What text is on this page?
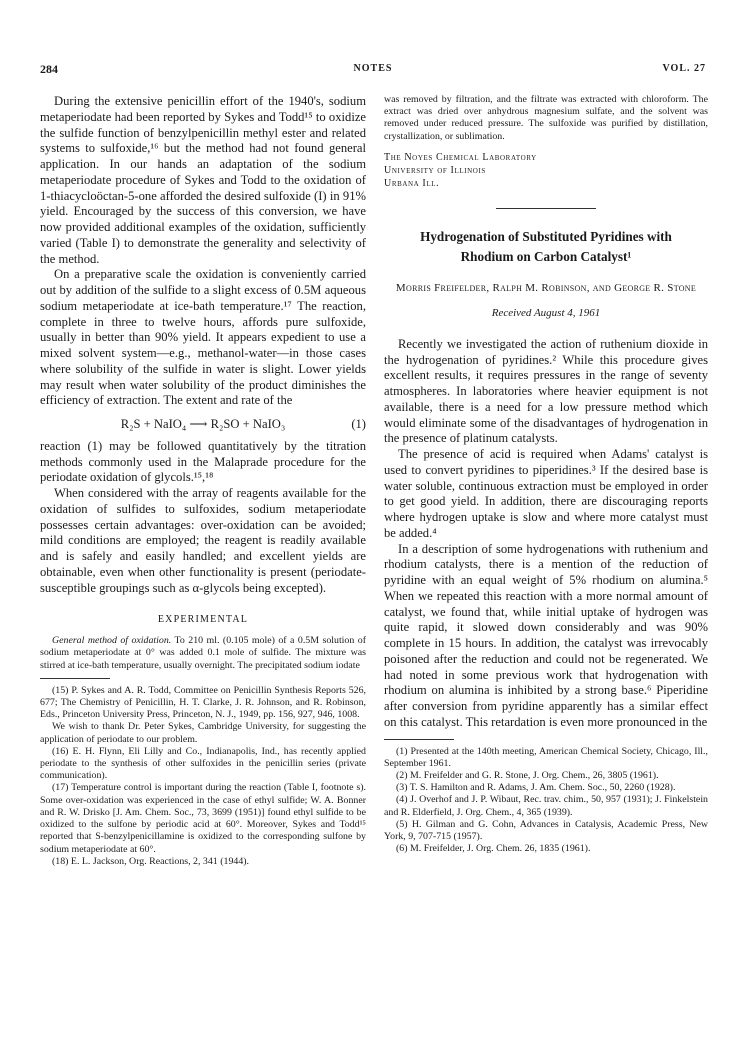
284	NOTES	VOL. 27

During the extensive penicillin effort of the 1940's, sodium metaperiodate had been reported by Sykes and Todd¹⁵ to oxidize the sulfide function of benzylpenicillin methyl ester and related systems to sulfoxide,¹⁶ but the method had not found general application. In our hands an adaptation of the sodium metaperiodate procedure of Sykes and Todd to the oxidation of 1-thiacycloöctan-5-one afforded the desired sulfoxide (I) in 91% yield. Encouraged by the success of this conversion, we have now provided additional examples of the oxidation, sufficiently varied (Table I) to demonstrate the generality and selectivity of the method.

On a preparative scale the oxidation is conveniently carried out by addition of the sulfide to a slight excess of 0.5M aqueous sodium metaperiodate at ice-bath temperature.¹⁷ The reaction, complete in three to twelve hours, affords pure sulfoxide, usually in better than 90% yield. It appears expedient to use a mixed solvent system—e.g., methanol-water—in those cases where solubility of the sulfide in water is slight. Lower yields may result when water solubility of the product diminishes the efficiency of extraction. The extent and rate of the

R₂S + NaIO₄ ⟶ R₂SO + NaIO₃	(1)

reaction (1) may be followed quantitatively by the titration methods commonly used in the Malaprade procedure for the periodate oxidation of glycols.¹⁵,¹⁸

When considered with the array of reagents available for the oxidation of sulfides to sulfoxides, sodium metaperiodate possesses certain advantages: over-oxidation can be avoided; mild conditions are employed; the reagent is readily available and is safely and easily handled; and excellent yields are obtainable, even when other functionality is present (periodate-susceptible groupings such as α-glycols being excepted).

EXPERIMENTAL

General method of oxidation. To 210 ml. (0.105 mole) of a 0.5M solution of sodium metaperiodate at 0° was added 0.1 mole of sulfide. The mixture was stirred at ice-bath temperature, usually overnight. The precipitated sodium iodate

(15) P. Sykes and A. R. Todd, Committee on Penicillin Synthesis Reports 526, 677; The Chemistry of Penicillin, H. T. Clarke, J. R. Johnson, and R. Robinson, Eds., Princeton University Press, Princeton, N. J., 1949, pp. 156, 927, 946, 1008.

We wish to thank Dr. Peter Sykes, Cambridge University, for suggesting the application of periodate to our problem.

(16) E. H. Flynn, Eli Lilly and Co., Indianapolis, Ind., has recently applied periodate to the synthesis of other sulfoxides in the penicillin series (private communication).

(17) Temperature control is important during the reaction (Table I, footnote s). Some over-oxidation was experienced in the case of ethyl sulfide; W. A. Bonner and R. W. Drisko [J. Am. Chem. Soc., 73, 3699 (1951)] found ethyl sulfide to be oxidized to the sulfone by periodic acid at 60°. Moreover, Sykes and Todd¹⁵ reported that S-benzylpenicillamine is oxidized to the corresponding sulfone by sodium metaperiodate at 60°.

(18) E. L. Jackson, Org. Reactions, 2, 341 (1944).

was removed by filtration, and the filtrate was extracted with chloroform. The extract was dried over anhydrous magnesium sulfate, and the solvent was removed under reduced pressure. The sulfoxide was purified by distillation, crystallization, or sublimation.

The Noyes Chemical Laboratory
University of Illinois
Urbana Ill.
Hydrogenation of Substituted Pyridines with Rhodium on Carbon Catalyst¹
Morris Freifelder, Ralph M. Robinson, and George R. Stone
Received August 4, 1961

Recently we investigated the action of ruthenium dioxide in the hydrogenation of pyridines.² While this procedure gives excellent results, it requires pressures in the range of seventy atmospheres. In laboratories where heavier equipment is not available, there is a need for a low pressure method which would eliminate some of the disadvantages of hydrogenation in the presence of platinum catalysts.

The presence of acid is required when Adams' catalyst is used to convert pyridines to piperidines.³ If the desired base is water soluble, continuous extraction must be employed in order to get good yield. In addition, there are discouraging reports where hydrogen uptake is slow and where more catalyst must be added.⁴

In a description of some hydrogenations with ruthenium and rhodium catalysts, there is a mention of the reduction of pyridine with an equal weight of 5% rhodium on alumina.⁵ When we repeated this reaction with a more normal amount of catalyst, we found that, while initial uptake of hydrogen was quite rapid, it slowed down considerably and was 90% complete in 15 hours. In addition, the catalyst was irrevocably poisoned after the reduction and could not be regenerated. We had noted in some previous work that hydrogenation with rhodium on alumina is inhibited by a strong base.⁶ Piperidine after conversion from pyridine apparently has a similar effect on this catalyst. This retardation is even more pronounced in the

(1) Presented at the 140th meeting, American Chemical Society, Chicago, Ill., September 1961.

(2) M. Freifelder and G. R. Stone, J. Org. Chem., 26, 3805 (1961).

(3) T. S. Hamilton and R. Adams, J. Am. Chem. Soc., 50, 2260 (1928).

(4) J. Overhof and J. P. Wibaut, Rec. trav. chim., 50, 957 (1931); J. Finkelstein and R. Elderfield, J. Org. Chem., 4, 365 (1939).

(5) H. Gilman and G. Cohn, Advances in Catalysis, Academic Press, New York, 9, 707-715 (1957).

(6) M. Freifelder, J. Org. Chem. 26, 1835 (1961).
